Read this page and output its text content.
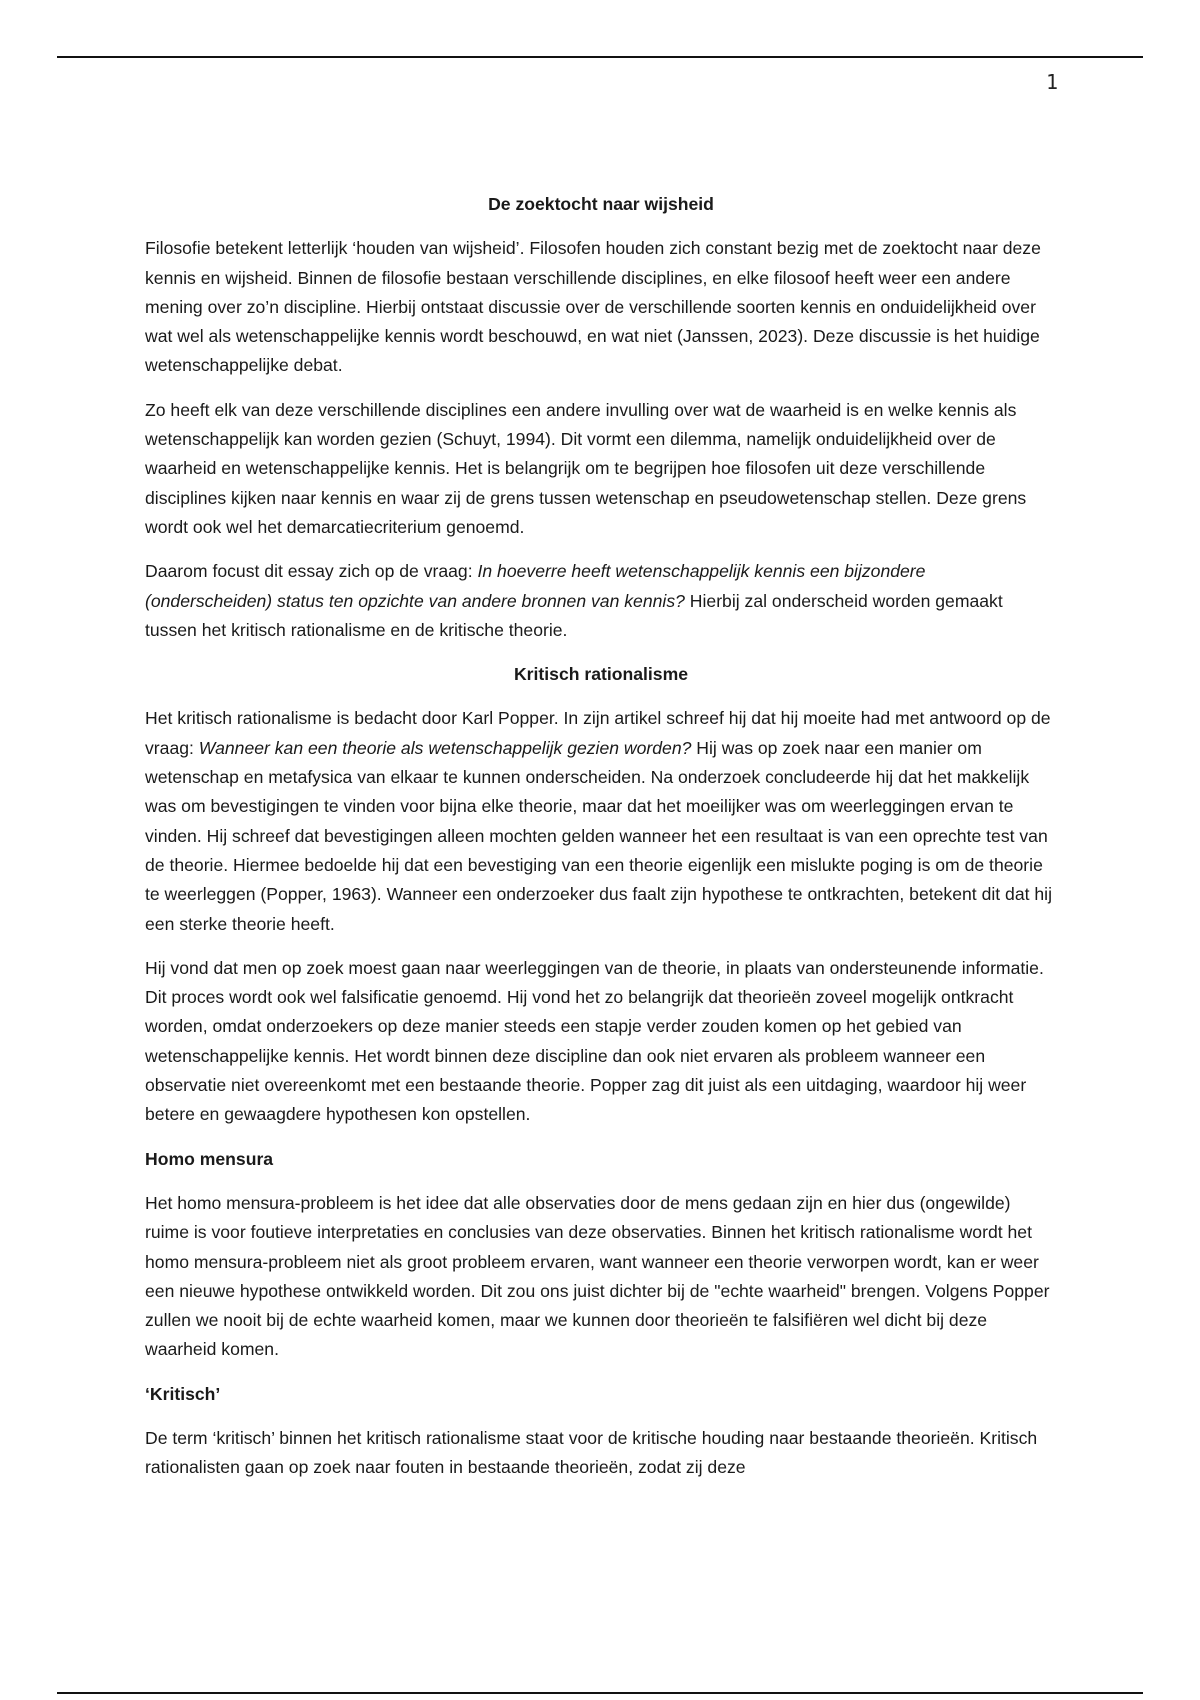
1

De zoektocht naar wijsheid

Filosofie betekent letterlijk ‘houden van wijsheid’. Filosofen houden zich constant bezig met de zoektocht naar deze kennis en wijsheid. Binnen de filosofie bestaan verschillende disciplines, en elke filosoof heeft weer een andere mening over zo’n discipline. Hierbij ontstaat discussie over de verschillende soorten kennis en onduidelijkheid over wat wel als wetenschappelijke kennis wordt beschouwd, en wat niet (Janssen, 2023). Deze discussie is het huidige wetenschappelijke debat.

Zo heeft elk van deze verschillende disciplines een andere invulling over wat de waarheid is en welke kennis als wetenschappelijk kan worden gezien (Schuyt, 1994). Dit vormt een dilemma, namelijk onduidelijkheid over de waarheid en wetenschappelijke kennis. Het is belangrijk om te begrijpen hoe filosofen uit deze verschillende disciplines kijken naar kennis en waar zij de grens tussen wetenschap en pseudowetenschap stellen. Deze grens wordt ook wel het demarcatiecriterium genoemd.

Daarom focust dit essay zich op de vraag: In hoeverre heeft wetenschappelijk kennis een bijzondere (onderscheiden) status ten opzichte van andere bronnen van kennis? Hierbij zal onderscheid worden gemaakt tussen het kritisch rationalisme en de kritische theorie.

Kritisch rationalisme

Het kritisch rationalisme is bedacht door Karl Popper. In zijn artikel schreef hij dat hij moeite had met antwoord op de vraag: Wanneer kan een theorie als wetenschappelijk gezien worden? Hij was op zoek naar een manier om wetenschap en metafysica van elkaar te kunnen onderscheiden. Na onderzoek concludeerde hij dat het makkelijk was om bevestigingen te vinden voor bijna elke theorie, maar dat het moeilijker was om weerleggingen ervan te vinden. Hij schreef dat bevestigingen alleen mochten gelden wanneer het een resultaat is van een oprechte test van de theorie. Hiermee bedoelde hij dat een bevestiging van een theorie eigenlijk een mislukte poging is om de theorie te weerleggen (Popper, 1963). Wanneer een onderzoeker dus faalt zijn hypothese te ontkrachten, betekent dit dat hij een sterke theorie heeft.

Hij vond dat men op zoek moest gaan naar weerleggingen van de theorie, in plaats van ondersteunende informatie. Dit proces wordt ook wel falsificatie genoemd. Hij vond het zo belangrijk dat theorieën zoveel mogelijk ontkracht worden, omdat onderzoekers op deze manier steeds een stapje verder zouden komen op het gebied van wetenschappelijke kennis. Het wordt binnen deze discipline dan ook niet ervaren als probleem wanneer een observatie niet overeenkomt met een bestaande theorie. Popper zag dit juist als een uitdaging, waardoor hij weer betere en gewaagdere hypothesen kon opstellen.

Homo mensura

Het homo mensura-probleem is het idee dat alle observaties door de mens gedaan zijn en hier dus (ongewilde) ruime is voor foutieve interpretaties en conclusies van deze observaties. Binnen het kritisch rationalisme wordt het homo mensura-probleem niet als groot probleem ervaren, want wanneer een theorie verworpen wordt, kan er weer een nieuwe hypothese ontwikkeld worden. Dit zou ons juist dichter bij de "echte waarheid" brengen. Volgens Popper zullen we nooit bij de echte waarheid komen, maar we kunnen door theorieën te falsifiëren wel dicht bij deze waarheid komen.

‘Kritisch’

De term ‘kritisch’ binnen het kritisch rationalisme staat voor de kritische houding naar bestaande theorieën. Kritisch rationalisten gaan op zoek naar fouten in bestaande theorieën, zodat zij deze
